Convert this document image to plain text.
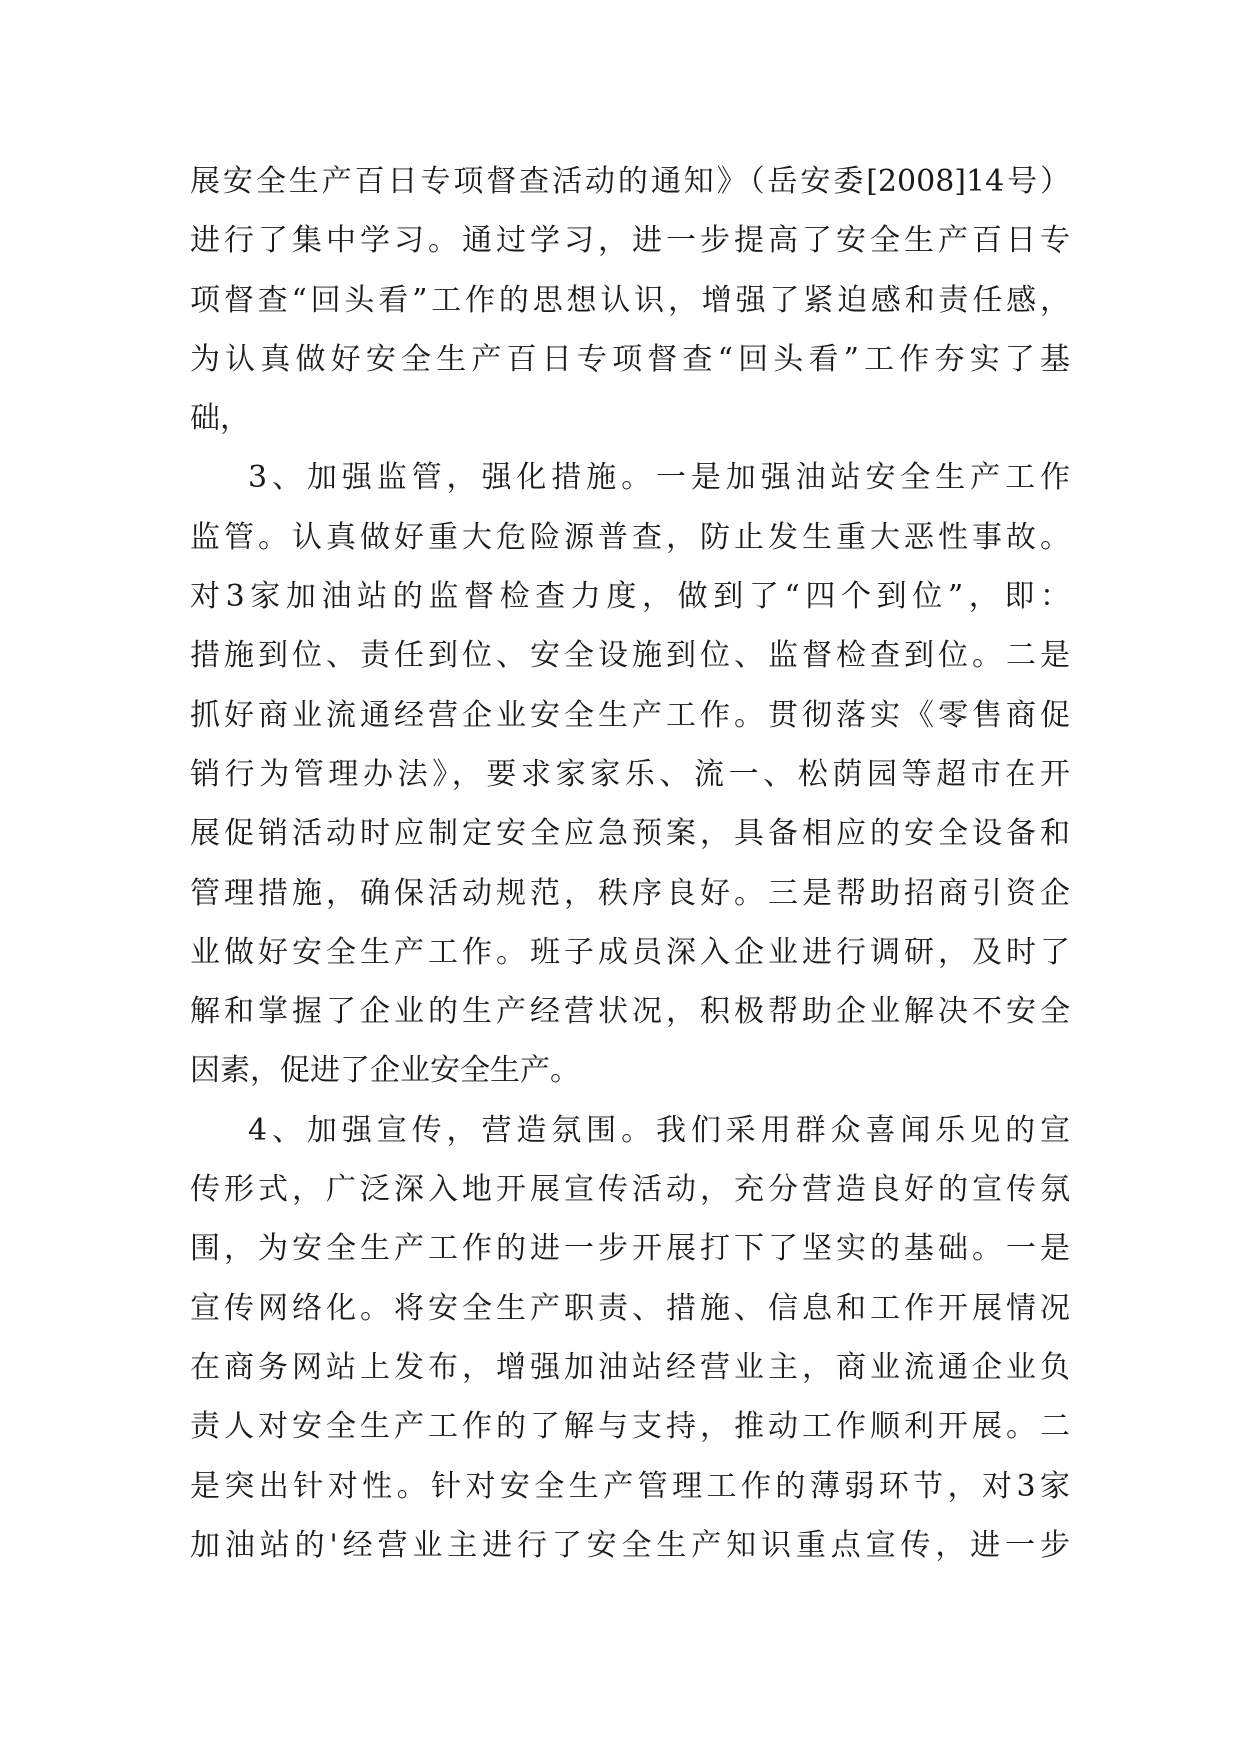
展安全生产百日专项督查活动的通知》（岳安委[2008]14号）
进行了集中学习。通过学习，进一步提高了安全生产百日专
项督查“回头看”工作的思想认识，增强了紧迫感和责任感，
为认真做好安全生产百日专项督查“回头看”工作夯实了基
础，
3、加强监管，强化措施。一是加强油站安全生产工作
监管。认真做好重大危险源普查，防止发生重大恶性事故。
对3家加油站的监督检查力度，做到了“四个到位”，即：
措施到位、责任到位、安全设施到位、监督检查到位。二是
抓好商业流通经营企业安全生产工作。贯彻落实《零售商促
销行为管理办法》，要求家家乐、流一、松荫园等超市在开
展促销活动时应制定安全应急预案，具备相应的安全设备和
管理措施，确保活动规范，秩序良好。三是帮助招商引资企
业做好安全生产工作。班子成员深入企业进行调研，及时了
解和掌握了企业的生产经营状况，积极帮助企业解决不安全
因素，促进了企业安全生产。
4、加强宣传，营造氛围。我们采用群众喜闻乐见的宣
传形式，广泛深入地开展宣传活动，充分营造良好的宣传氛
围，为安全生产工作的进一步开展打下了坚实的基础。一是
宣传网络化。将安全生产职责、措施、信息和工作开展情况
在商务网站上发布，增强加油站经营业主，商业流通企业负
责人对安全生产工作的了解与支持，推动工作顺利开展。二
是突出针对性。针对安全生产管理工作的薄弱环节，对3家
加油站的'经营业主进行了安全生产知识重点宣传，进一步
